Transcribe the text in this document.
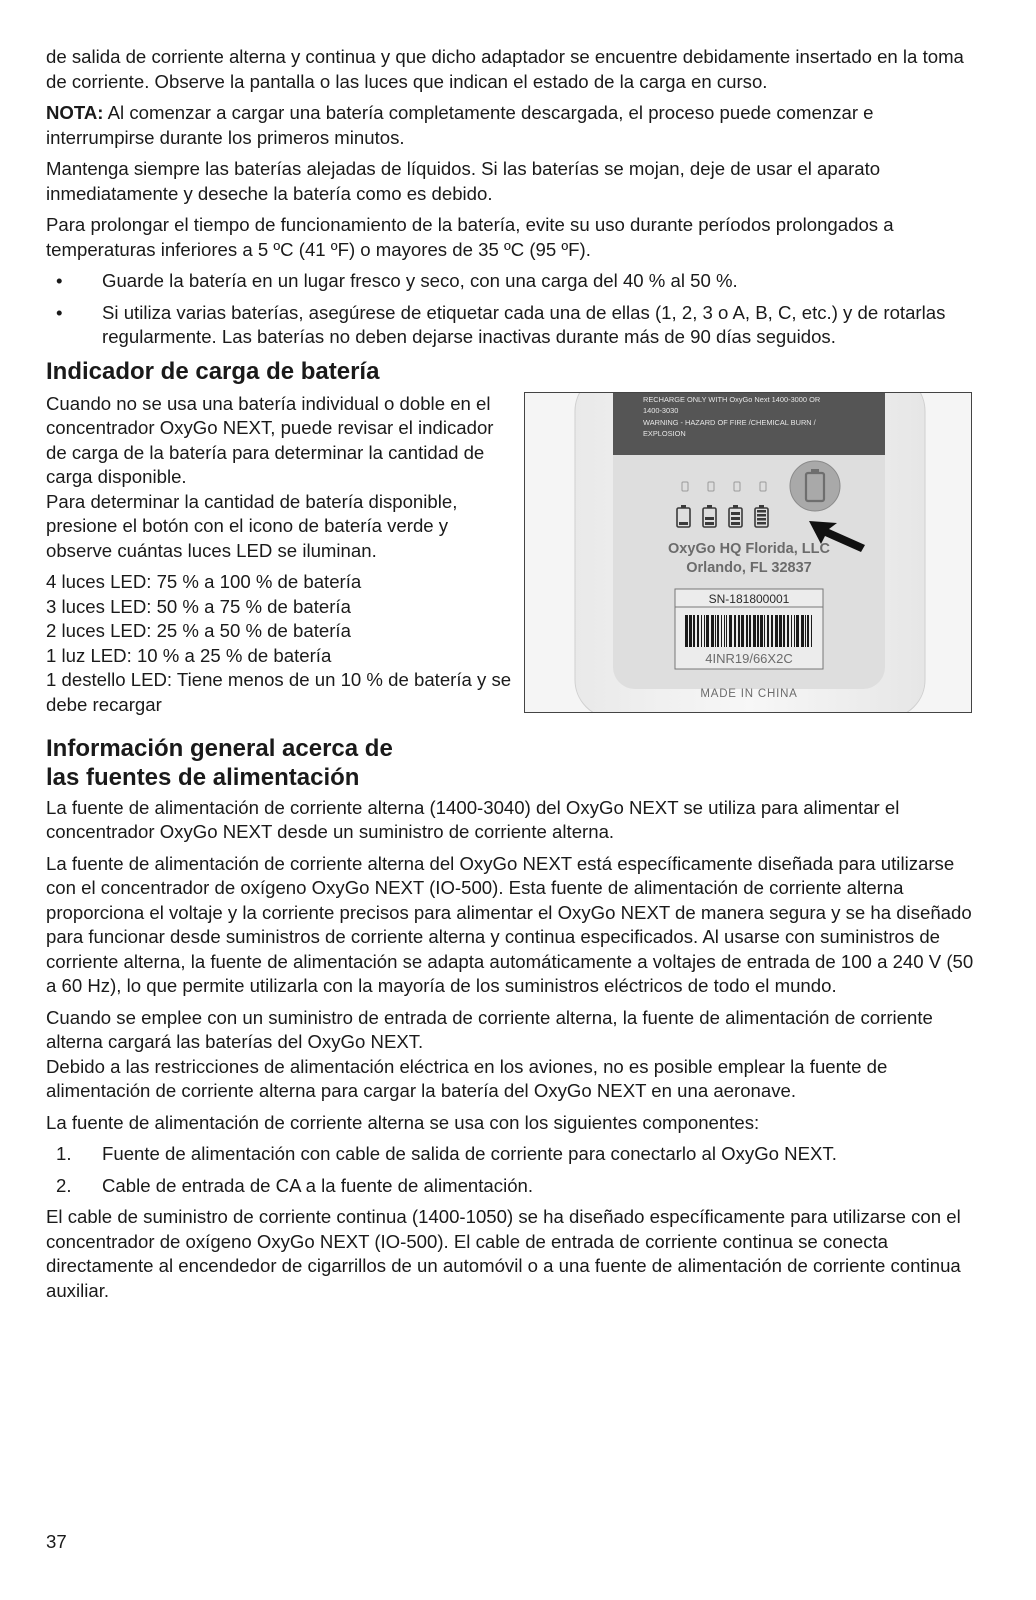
de salida de corriente alterna y continua y que dicho adaptador se encuentre debidamente insertado en la toma de corriente. Observe la pantalla o las luces que indican el estado de la carga en curso.

NOTA: Al comenzar a cargar una batería completamente descargada, el proceso puede comenzar e interrumpirse durante los primeros minutos.

Mantenga siempre las baterías alejadas de líquidos. Si las baterías se mojan, deje de usar el aparato inmediatamente y deseche la batería como es debido.

Para prolongar el tiempo de funcionamiento de la batería, evite su uso durante períodos prolongados a temperaturas inferiores a 5 ºC (41 ºF) o mayores de 35 ºC (95 ºF).

• Guarde la batería en un lugar fresco y seco, con una carga del 40 % al 50 %.
• Si utiliza varias baterías, asegúrese de etiquetar cada una de ellas (1, 2, 3 o A, B, C, etc.) y de rotarlas regularmente. Las baterías no deben dejarse inactivas durante más de 90 días seguidos.
Indicador de carga de batería

Cuando no se usa una batería individual o doble en el concentrador OxyGo NEXT, puede revisar el indicador de carga de la batería para determinar la cantidad de carga disponible.

Para determinar la cantidad de batería disponible, presione el botón con el icono de batería verde y observe cuántas luces LED se iluminan.

4 luces LED: 75 % a 100 % de batería

3 luces LED: 50 % a 75 % de batería

2 luces LED: 25 % a 50 % de batería

1 luz LED: 10 % a 25 % de batería

1 destello LED: Tiene menos de un 10 % de batería y se debe recargar

RECHARGE ONLY WITH OxyGo Next 1400-3000 OR
1400-3030
WARNING - HAZARD OF FIRE /CHEMICAL BURN /
EXPLOSION
OxyGo HQ Florida, LLC
Orlando, FL 32837
SN-181800001
4INR19/66X2C
MADE IN CHINA
Información general acerca de
las fuentes de alimentación

La fuente de alimentación de corriente alterna (1400-3040) del OxyGo NEXT se utiliza para alimentar el concentrador OxyGo NEXT desde un suministro de corriente alterna.

La fuente de alimentación de corriente alterna del OxyGo NEXT está específicamente diseñada para utilizarse con el concentrador de oxígeno OxyGo NEXT (IO-500). Esta fuente de alimentación de corriente alterna proporciona el voltaje y la corriente precisos para alimentar el OxyGo NEXT de manera segura y se ha diseñado para funcionar desde suministros de corriente alterna y continua especificados. Al usarse con suministros de corriente alterna, la fuente de alimentación se adapta automáticamente a voltajes de entrada de 100 a 240 V (50 a 60 Hz), lo que permite utilizarla con la mayoría de los suministros eléctricos de todo el mundo.

Cuando se emplee con un suministro de entrada de corriente alterna, la fuente de alimentación de corriente alterna cargará las baterías del OxyGo NEXT.

Debido a las restricciones de alimentación eléctrica en los aviones, no es posible emplear la fuente de alimentación de corriente alterna para cargar la batería del OxyGo NEXT en una aeronave.

La fuente de alimentación de corriente alterna se usa con los siguientes componentes:

1. Fuente de alimentación con cable de salida de corriente para conectarlo al OxyGo NEXT.
2. Cable de entrada de CA a la fuente de alimentación.

El cable de suministro de corriente continua (1400-1050) se ha diseñado específicamente para utilizarse con el concentrador de oxígeno OxyGo NEXT (IO-500). El cable de entrada de corriente continua se conecta directamente al encendedor de cigarrillos de un automóvil o a una fuente de alimentación de corriente continua auxiliar.

37
